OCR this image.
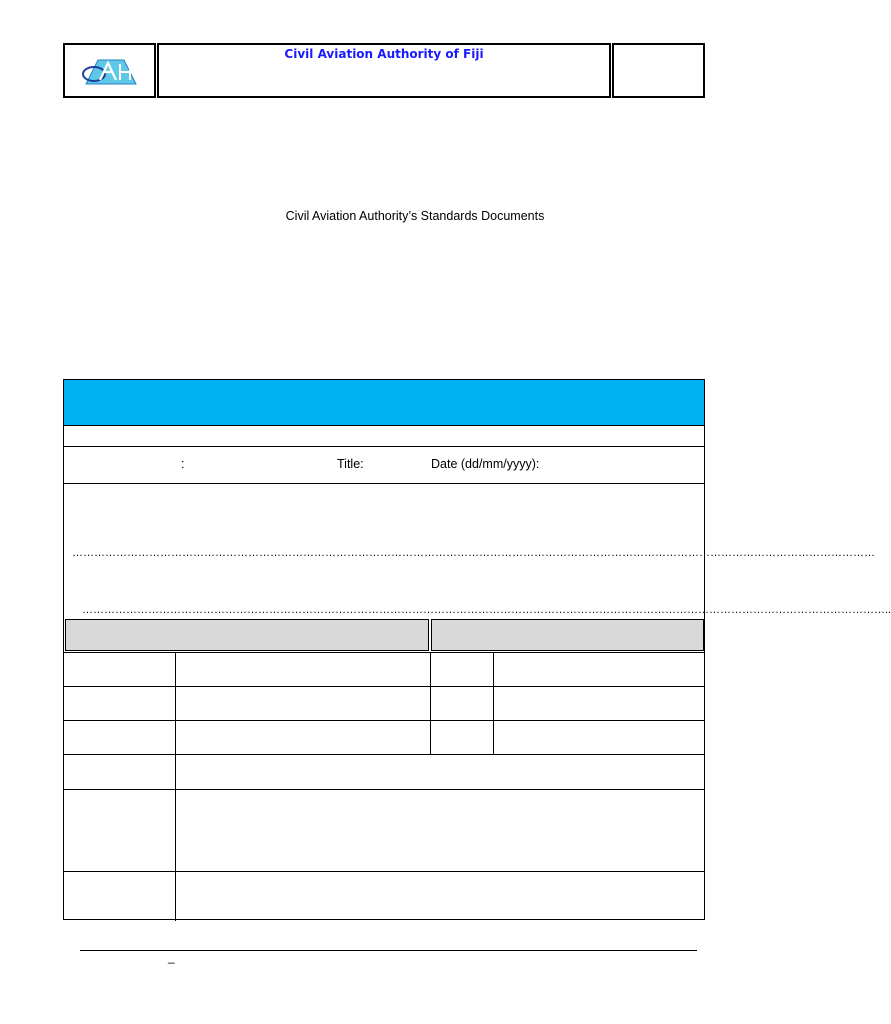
Civil Aviation Authority of Fiji
Civil Aviation Authority’s Standards Documents
:	Title:	Date (dd/mm/yyyy):
…………………………………………………………………………………………………………………………………………………………………………………………………
…………………………………………………………………………………………………………………………………………………………………………………………………..
_
